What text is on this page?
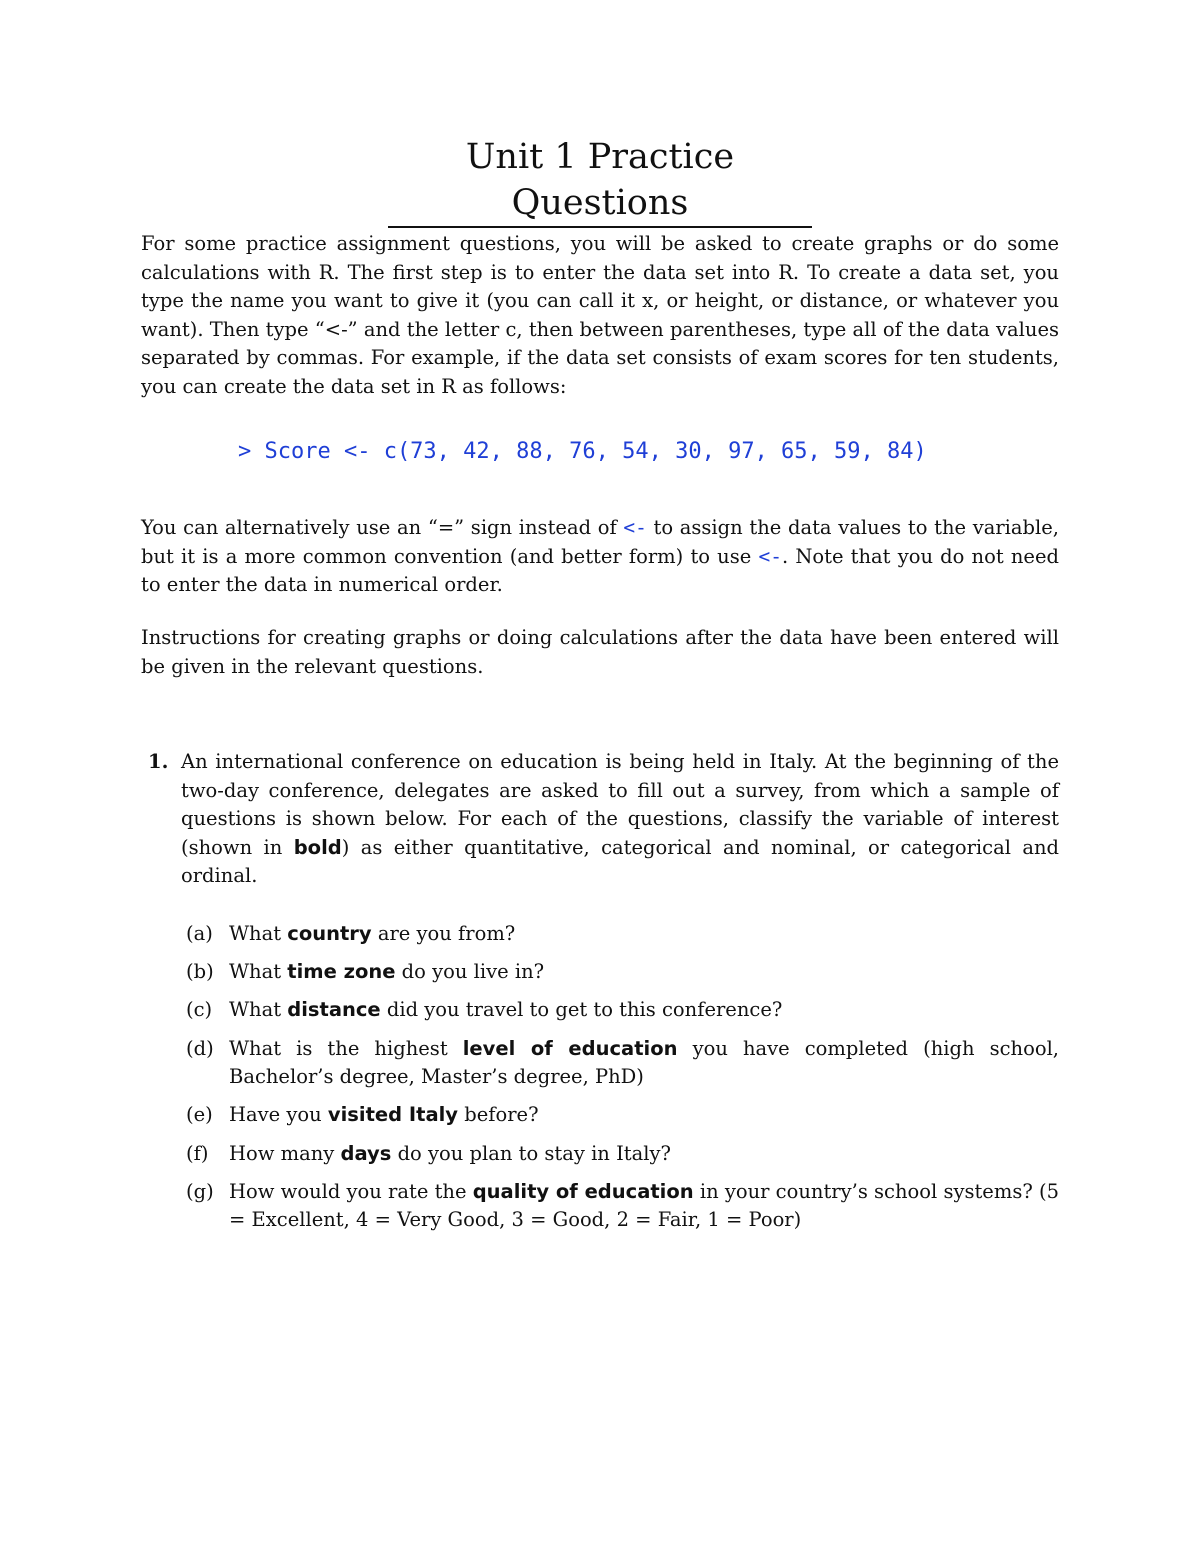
Unit 1 Practice Questions

For some practice assignment questions, you will be asked to create graphs or do some calculations with R. The first step is to enter the data set into R. To create a data set, you type the name you want to give it (you can call it x, or height, or distance, or whatever you want). Then type “<-” and the letter c, then between parentheses, type all of the data values separated by commas. For example, if the data set consists of exam scores for ten students, you can create the data set in R as follows:

> Score <- c(73, 42, 88, 76, 54, 30, 97, 65, 59, 84)

You can alternatively use an “=” sign instead of <- to assign the data values to the variable, but it is a more common convention (and better form) to use <-. Note that you do not need to enter the data in numerical order.

Instructions for creating graphs or doing calculations after the data have been entered will be given in the relevant questions.

1. An international conference on education is being held in Italy. At the beginning of the two-day conference, delegates are asked to fill out a survey, from which a sample of questions is shown below. For each of the questions, classify the variable of interest (shown in bold) as either quantitative, categorical and nominal, or categorical and ordinal.
(a) What country are you from?
(b) What time zone do you live in?
(c) What distance did you travel to get to this conference?
(d) What is the highest level of education you have completed (high school, Bachelor’s degree, Master’s degree, PhD)
(e) Have you visited Italy before?
(f) How many days do you plan to stay in Italy?
(g) How would you rate the quality of education in your country’s school systems? (5 = Excellent, 4 = Very Good, 3 = Good, 2 = Fair, 1 = Poor)
